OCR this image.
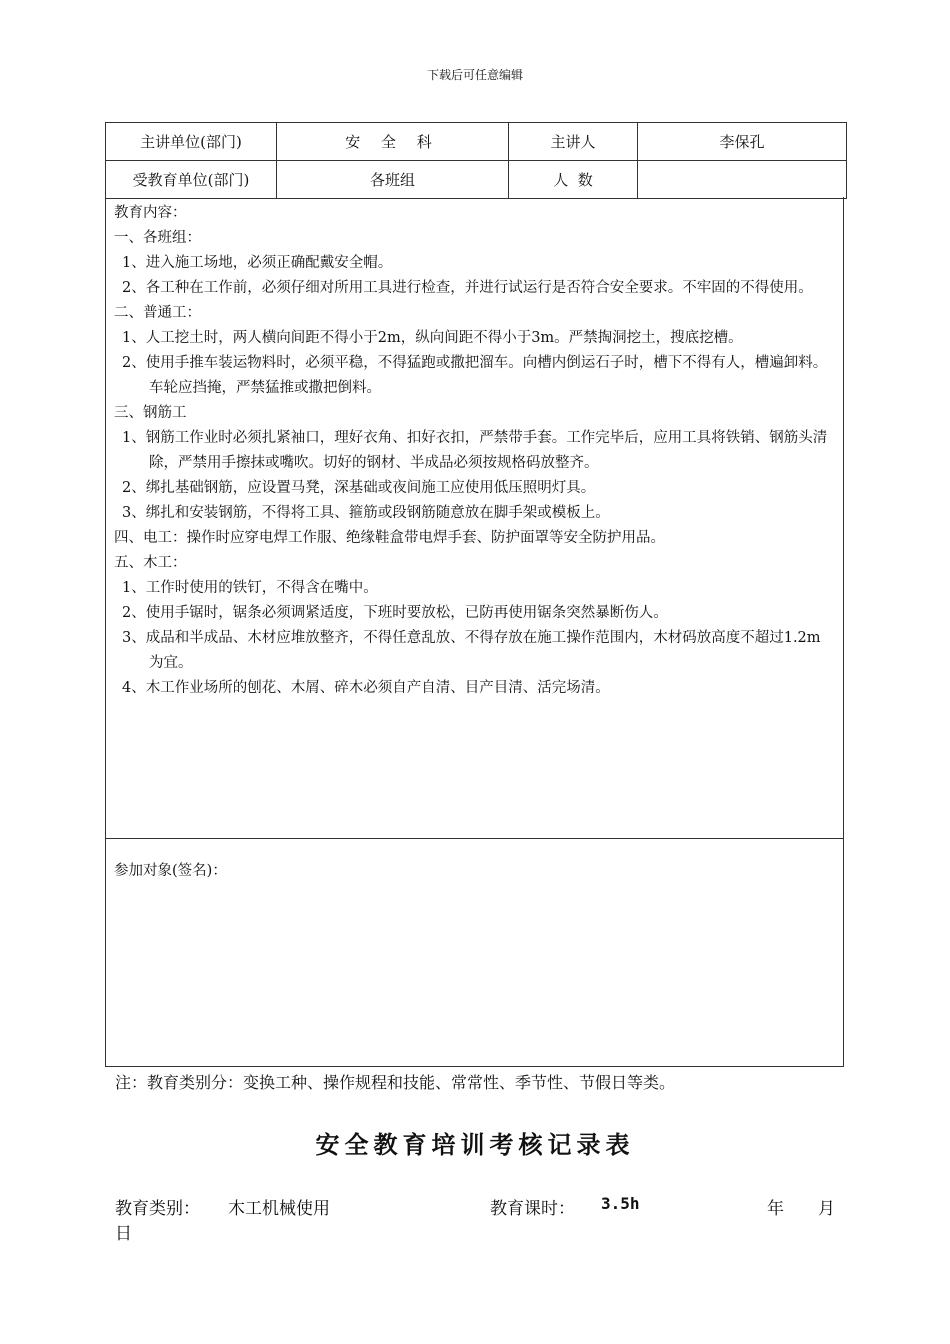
下载后可任意编辑
主讲单位(部门)	安 全 科	主讲人	李保孔
受教育单位(部门)	各班组	人  数	
教育内容：
一、各班组：
1、进入施工场地，必须正确配戴安全帽。
2、各工种在工作前，必须仔细对所用工具进行检查，并进行试运行是否符合安全要求。不牢固的不得使用。
二、普通工：
1、人工挖土时，两人横向间距不得小于2m，纵向间距不得小于3m。严禁掏洞挖土，搜底挖槽。
2、使用手推车装运物料时，必须平稳，不得猛跑或撒把溜车。向槽内倒运石子时，槽下不得有人，槽遍卸料。车轮应挡掩，严禁猛推或撒把倒料。
三、钢筋工
1、钢筋工作业时必须扎紧袖口，理好衣角、扣好衣扣，严禁带手套。工作完毕后，应用工具将铁销、钢筋头清除，严禁用手擦抹或嘴吹。切好的钢材、半成品必须按规格码放整齐。
2、绑扎基础钢筋，应设置马凳，深基础或夜间施工应使用低压照明灯具。
3、绑扎和安装钢筋，不得将工具、箍筋或段钢筋随意放在脚手架或模板上。
四、电工：操作时应穿电焊工作服、绝缘鞋盒带电焊手套、防护面罩等安全防护用品。
五、木工：
1、工作时使用的铁钉，不得含在嘴中。
2、使用手锯时，锯条必须调紧适度，下班时要放松，已防再使用锯条突然暴断伤人。
3、成品和半成品、木材应堆放整齐，不得任意乱放、不得存放在施工操作范围内，木材码放高度不超过1.2m为宜。
4、木工作业场所的刨花、木屑、碎木必须自产自清、目产目清、活完场清。
参加对象(签名)：
注：教育类别分：变换工种、操作规程和技能、常常性、季节性、节假日等类。
安全教育培训考核记录表
教育类别： 木工机械使用	教育课时： 3.5h	年 月
日
